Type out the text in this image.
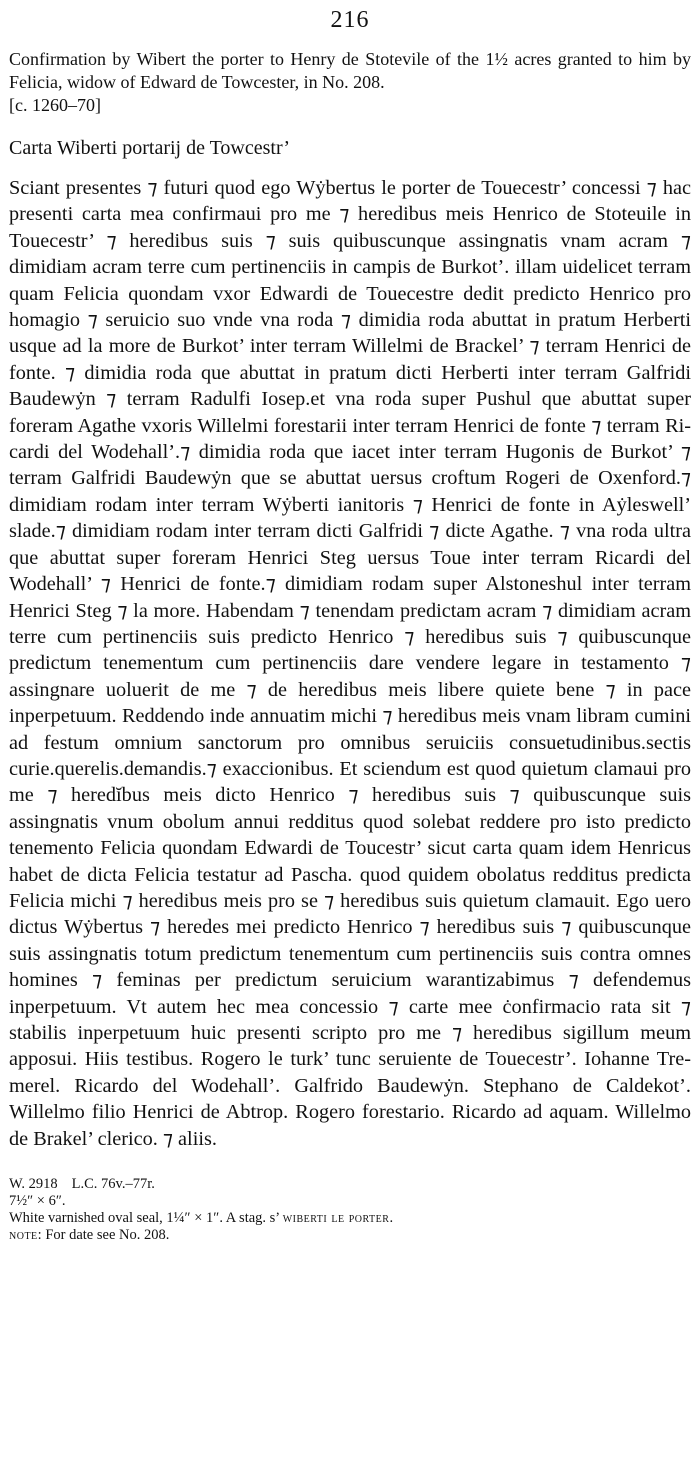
216

Confirmation by Wibert the porter to Henry de Stotevile of the 1½ acres granted to him by Felicia, widow of Edward de Towcester, in No. 208.

[c. 1260–70]

Carta Wiberti portarij de Towcestr’

Sciant presentes ⁊ futuri quod ego Wẏbertus le porter de Touecestr’ concessi ⁊ hac presenti carta mea confirmaui pro me ⁊ heredibus meis Henrico de Stoteuile in Touecestr’ ⁊ heredibus suis ⁊ suis quibuscunque assingnatis vnam acram ⁊ dimidiam acram terre cum pertinenciis in campis de Burkot’. illam uidelicet terram quam Felicia quondam vxor Edwardi de Touecestre dedit predicto Henrico pro homagio ⁊ seruicio suo vnde vna roda ⁊ dimidia roda abuttat in pratum Herberti usque ad la more de Burkot’ inter terram Willelmi de Brackel’ ⁊ terram Henrici de fonte. ⁊ dimidia roda que abuttat in pratum dicti Herberti inter terram Galfridi Baudewẏn ⁊ terram Radulfi Iosep.et vna roda super Pushul que abuttat super foreram Agathe vxoris Willelmi forestarii inter terram Henrici de fonte ⁊ terram Ricardi del Wodehall’.⁊ dimidia roda que iacet inter terram Hugonis de Burkot’ ⁊ terram Galfridi Baudewẏn que se abuttat uersus croftum Rogeri de Oxenford.⁊ dimidiam rodam inter terram Wẏberti ianitoris ⁊ Henrici de fonte in Aẏleswell’ slade.⁊ dimidiam rodam inter terram dicti Galfridi ⁊ dicte Agathe. ⁊ vna roda ultra que abuttat super foreram Henrici Steg uersus Toue inter terram Ricardi del Wodehall’ ⁊ Henrici de fonte.⁊ dimidiam rodam super Alstoneshul inter terram Henrici Steg ⁊ la more. Habendam ⁊ tenendam predictam acram ⁊ dimidiam acram terre cum pertinenciis suis predicto Henrico ⁊ heredibus suis ⁊ quibuscunque predictum tenementum cum pertinenciis dare vendere legare in testamento ⁊ assingnare uoluerit de me ⁊ de heredibus meis libere quiete bene ⁊ in pace inperpetuum. Reddendo inde annuatim michi ⁊ heredibus meis vnam libram cumini ad festum omnium sanctorum pro omnibus seruiciis consuetudinibus.sectis curie.querelis.demandis.⁊ exaccionibus. Et sciendum est quod quietum clamaui pro me ⁊ heredĭbus meis dicto Henrico ⁊ heredibus suis ⁊ quibuscunque suis assingnatis vnum obolum annui redditus quod solebat reddere pro isto predicto tenemento Felicia quondam Edwardi de Toucestr’ sicut carta quam idem Henricus habet de dicta Felicia testatur ad Pascha. quod quidem obolatus redditus predicta Felicia michi ⁊ heredibus meis pro se ⁊ heredibus suis quietum clamauit. Ego uero dictus Wẏbertus ⁊ heredes mei predicto Henrico ⁊ heredibus suis ⁊ quibuscunque suis assingnatis totum predictum tenementum cum pertinenciis suis contra omnes homines ⁊ feminas per predictum seruicium warantizabimus ⁊ defendemus inperpetuum. Vt autem hec mea concessio ⁊ carte mee ċonfirmacio rata sit ⁊ stabilis inperpetuum huic presenti scripto pro me ⁊ heredibus sigillum meum apposui. Hiis testibus. Rogero le turk’ tunc seruiente de Touecestr’. Iohanne Tremerel. Ricardo del Wodehall’. Galfrido Baudewẏn. Stephano de Caldekot’. Willelmo filio Henrici de Abtrop. Rogero forestario. Ricardo ad aquam. Willelmo de Brakel’ clerico. ⁊ aliis.

W. 2918 L.C. 76v.–77r.
7½″ × 6″.
White varnished oval seal, 1¼″ × 1″. A stag. s’ wiberti le porter.
note: For date see No. 208.
